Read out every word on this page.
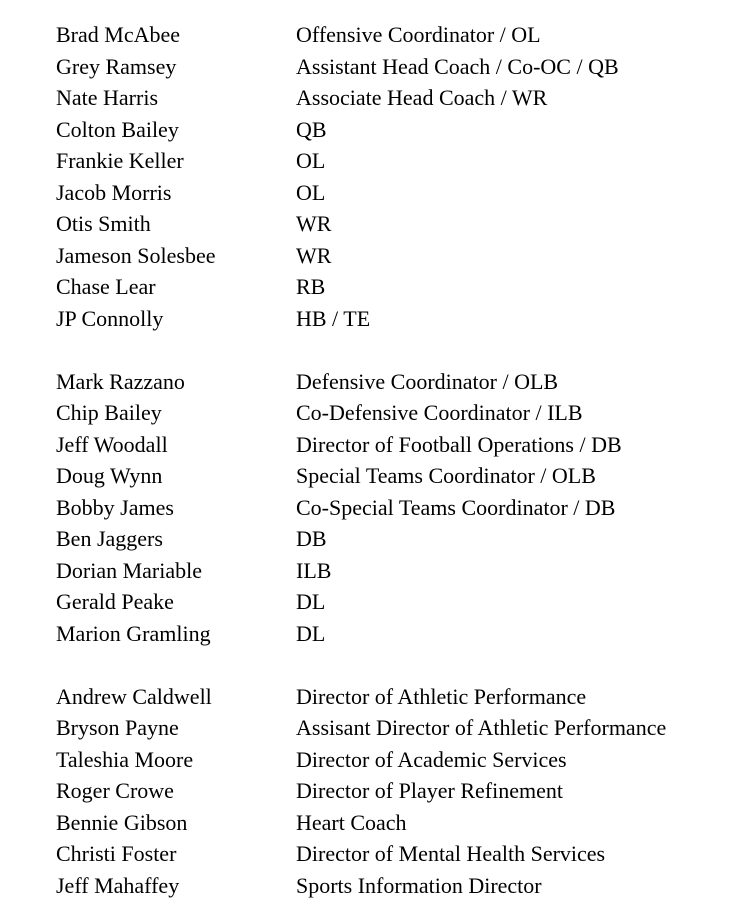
Brad McAbee	Offensive Coordinator / OL
Grey Ramsey	Assistant Head Coach / Co-OC / QB
Nate Harris	Associate Head Coach / WR
Colton Bailey	QB
Frankie Keller	OL
Jacob Morris	OL
Otis Smith	WR
Jameson Solesbee	WR
Chase Lear	RB
JP Connolly	HB / TE
Mark Razzano	Defensive Coordinator / OLB
Chip Bailey	Co-Defensive Coordinator / ILB
Jeff Woodall	Director of Football Operations / DB
Doug Wynn	Special Teams Coordinator / OLB
Bobby James	Co-Special Teams Coordinator / DB
Ben Jaggers	DB
Dorian Mariable	ILB
Gerald Peake	DL
Marion Gramling	DL
Andrew Caldwell	Director of Athletic Performance
Bryson Payne	Assisant Director of Athletic Performance
Taleshia Moore	Director of Academic Services
Roger Crowe	Director of Player Refinement
Bennie Gibson	Heart Coach
Christi Foster	Director of Mental Health Services
Jeff Mahaffey	Sports Information Director
